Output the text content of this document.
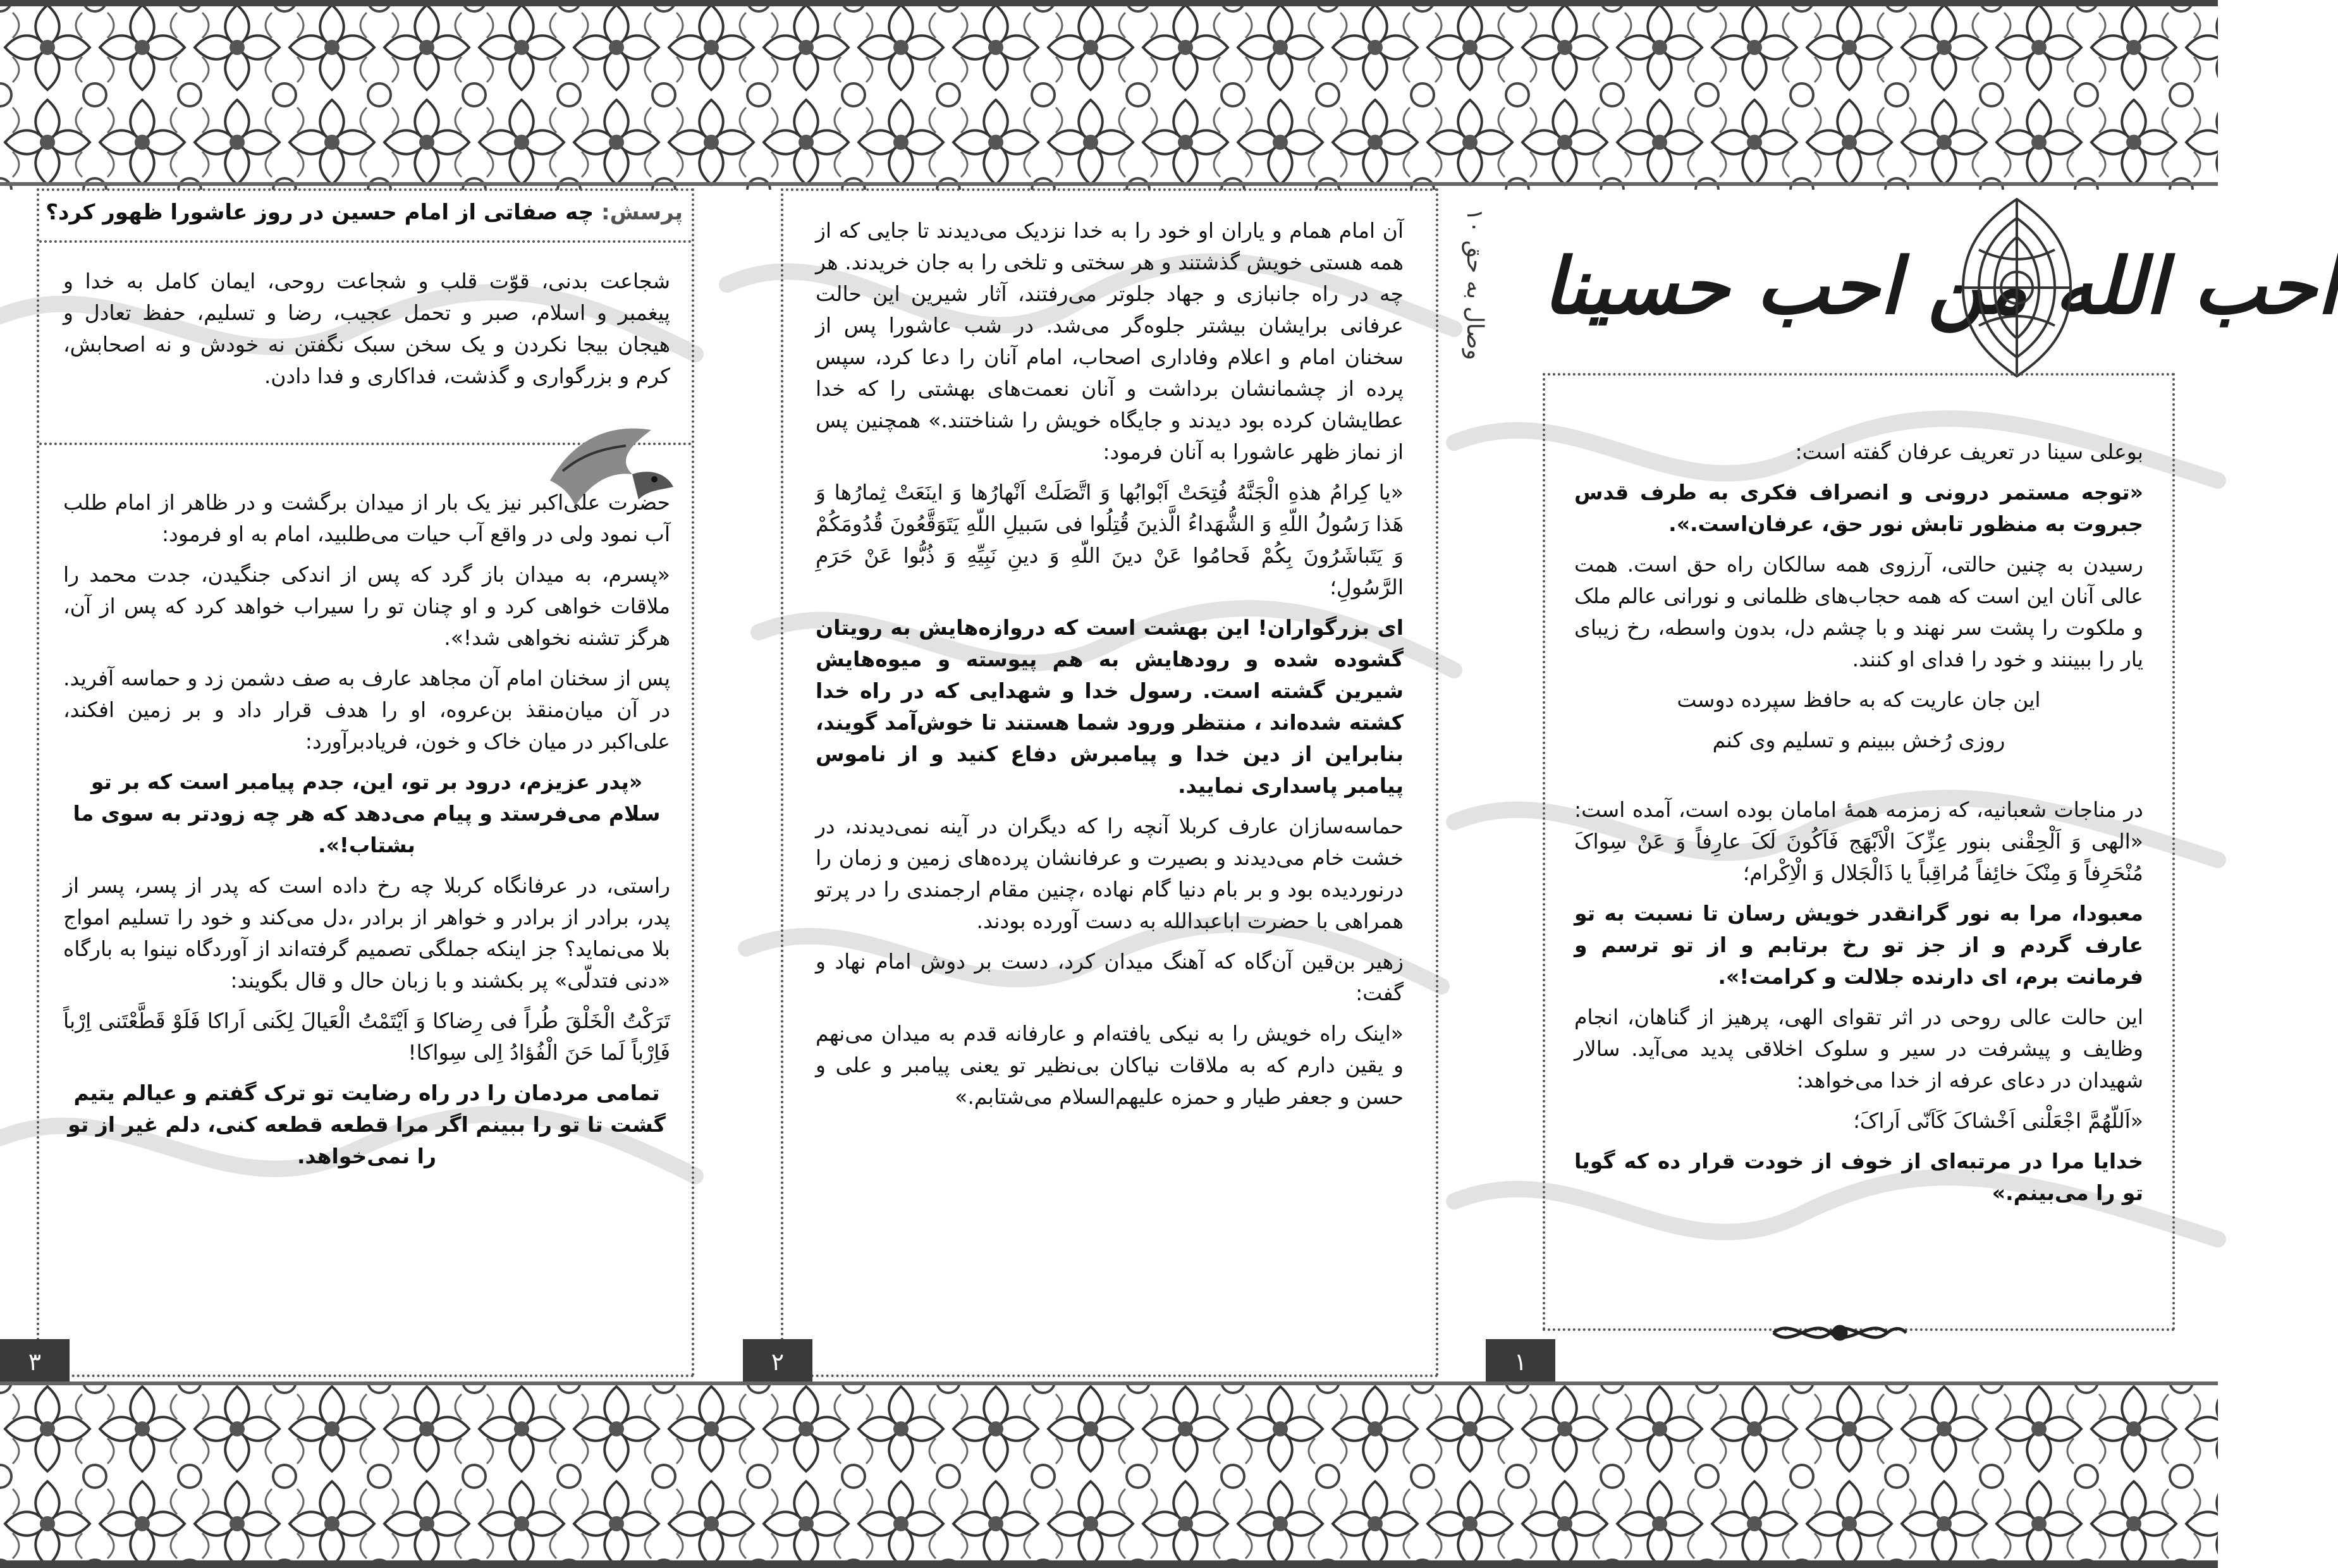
پرسش: چه صفاتی از امام حسین در روز عاشورا ظهور کرد؟

شجاعت بدنی، قوّت قلب و شجاعت روحی، ایمان کامل به خدا و پیغمبر و اسلام، صبر و تحمل عجیب، رضا و تسلیم، حفظ تعادل و هیجان بیجا نکردن و یک سخن سبک نگفتن نه خودش و نه اصحابش، کرم و بزرگواری و گذشت، فداکاری و فدا دادن.

حضرت علی‌اکبر نیز یک بار از میدان برگشت و در ظاهر از امام طلب آب نمود ولی در واقع آب حیات می‌طلبید، امام به او فرمود:

«پسرم، به میدان باز گرد که پس از اندکی جنگیدن، جدت محمد را ملاقات خواهی کرد و او چنان تو را سیراب خواهد کرد که پس از آن، هرگز تشنه نخواهی شد!».

پس از سخنان امام آن مجاهد عارف به صف دشمن زد و حماسه آفرید. در آن میان‌منقذ بن‌عروه، او را هدف قرار داد و بر زمین افکند، علی‌اکبر در میان خاک و خون، فریادبرآورد:

«پدر عزیزم، درود بر تو، این، جدم پیامبر است که بر تو سلام می‌فرستد و پیام می‌دهد که هر چه زودتر به سوی ما بشتاب!».

راستی، در عرفانگاه کربلا چه رخ داده است که پدر از پسر، پسر از پدر، برادر از برادر و خواهر از برادر ،دل می‌کند و خود را تسلیم امواج بلا می‌نماید؟ جز اینکه جملگی تصمیم گرفته‌اند از آوردگاه نینوا به بارگاه «دنی فتدلّی» پر بکشند و با زبان حال و قال بگویند:

تَرَکْتُ الْخَلْقَ طُراً فی رِضاکا وَ اَیْتَمْتُ الْعَیالَ لِکَنی اَراکا فَلَوْ قَطَّعْتَنی اِرْباً فَاِرْباً لَما حَنَ الْفُؤادُ اِلی سِواکا!

تمامی مردمان را در راه رضایت تو ترک گفتم و عیالم یتیم گشت تا تو را ببینم اگر مرا قطعه قطعه کنی، دلم غیر از تو را نمی‌خواهد.

۳

آن امام همام و یاران او خود را به خدا نزدیک می‌دیدند تا جایی که از همه هستی خویش گذشتند و هر سختی و تلخی را به جان خریدند. هر چه در راه جانبازی و جهاد جلوتر می‌رفتند، آثار شیرین این حالت عرفانی برایشان بیشتر جلوه‌گر می‌شد. در شب عاشورا پس از سخنان امام و اعلام وفاداری اصحاب، امام آنان را دعا کرد، سپس پرده از چشمانشان برداشت و آنان نعمت‌های بهشتی را که خدا عطایشان کرده بود دیدند و جایگاه خویش را شناختند.» همچنین پس از نماز ظهر عاشورا به آنان فرمود:

«یا کِرامُ هذهِ الْجَنَّهُ فُتِحَتْ اَبْوابُها وَ اتَّصَلَتْ اَنْهارُها وَ اینَعَتْ ثِمارُها وَ هَذا رَسُولُ اللّهِ وَ الشُّهَداءُ الَّذینَ قُتِلُوا فی سَبیلِ اللّهِ یَتَوَقَّعُونَ قُدُومَکُمْ وَ یَتَباشَرُونَ بِکُمْ فَحامُوا عَنْ دینَ اللّهِ وَ دینِ نَبِیِّهِ وَ ذُبُّوا عَنْ حَرَمِ الرَّسُولِ؛

ای بزرگواران! این بهشت است که دروازه‌هایش به رویتان گشوده شده و رودهایش به هم پیوسته و میوه‌هایش شیرین گشته است. رسول خدا و شهدایی که در راه خدا کشته شده‌اند ، منتظر ورود شما هستند تا خوش‌آمد گویند، بنابراین از دین خدا و پیامبرش دفاع کنید و از ناموس پیامبر پاسداری نمایید.

حماسه‌سازان عارف کربلا آنچه را که دیگران در آینه نمی‌دیدند، در خشت خام می‌دیدند و بصیرت و عرفانشان پرده‌های زمین و زمان را درنوردیده بود و بر بام دنیا گام نهاده ،چنین مقام ارجمندی را در پرتو همراهی با حضرت اباعبدالله به دست آورده بودند.

زهیر بن‌قین آن‌گاه که آهنگ میدان کرد، دست بر دوش امام نهاد و گفت:

«اینک راه خویش را به نیکی یافته‌ام و عارفانه قدم به میدان می‌نهم و یقین دارم که به ملاقات نیاکان بی‌نظیر تو یعنی پیامبر و علی و حسن و جعفر طیار و حمزه علیهم‌السلام می‌شتابم.»

۲
۱۰ وصال به حق احب الله من احب حسینا

بوعلی سینا در تعریف عرفان گفته است:

«توجه مستمر درونی و انصراف فکری به طرف قدس جبروت به منظور تابش نور حق، عرفان‌است.».

رسیدن به چنین حالتی، آرزوی همه سالکان راه حق است. همت عالی آنان این است که همه حجاب‌های ظلمانی و نورانی عالم ملک و ملکوت را پشت سر نهند و با چشم دل، بدون واسطه، رخ زیبای یار را ببینند و خود را فدای او کنند.

این جان عاریت که به حافظ سپرده دوست

روزی رُخش ببینم و تسلیم وی کنم

در مناجات شعبانیه، که زمزمه همهٔ امامان بوده است، آمده است: «الهی وَ اَلْحِقْنی بنور عِزِّکَ الْاَبْهَج فَاَکُونَ لَکَ عارِفاً وَ عَنْ سِواکَ مُنْحَرِفاً وَ مِنْکَ خائِفاً مُراقِباً یا ذَالْجَلال وَ الْاِکْرام؛

معبودا، مرا به نور گرانقدر خویش رسان تا نسبت به تو عارف گردم و از جز تو رخ برتابم و از تو ترسم و فرمانت برم، ای دارنده جلالت و کرامت!».

این حالت عالی روحی در اثر تقوای الهی، پرهیز از گناهان، انجام وظایف و پیشرفت در سیر و سلوک اخلاقی پدید می‌آید. سالار شهیدان در دعای عرفه از خدا می‌خواهد:

«اَللّهُمَّ اجْعَلْنی اَخْشاکَ کَاَنّی اَراکَ؛

خدایا مرا در مرتبه‌ای از خوف از خودت قرار ده که گویا تو را می‌بینم.»

۱
